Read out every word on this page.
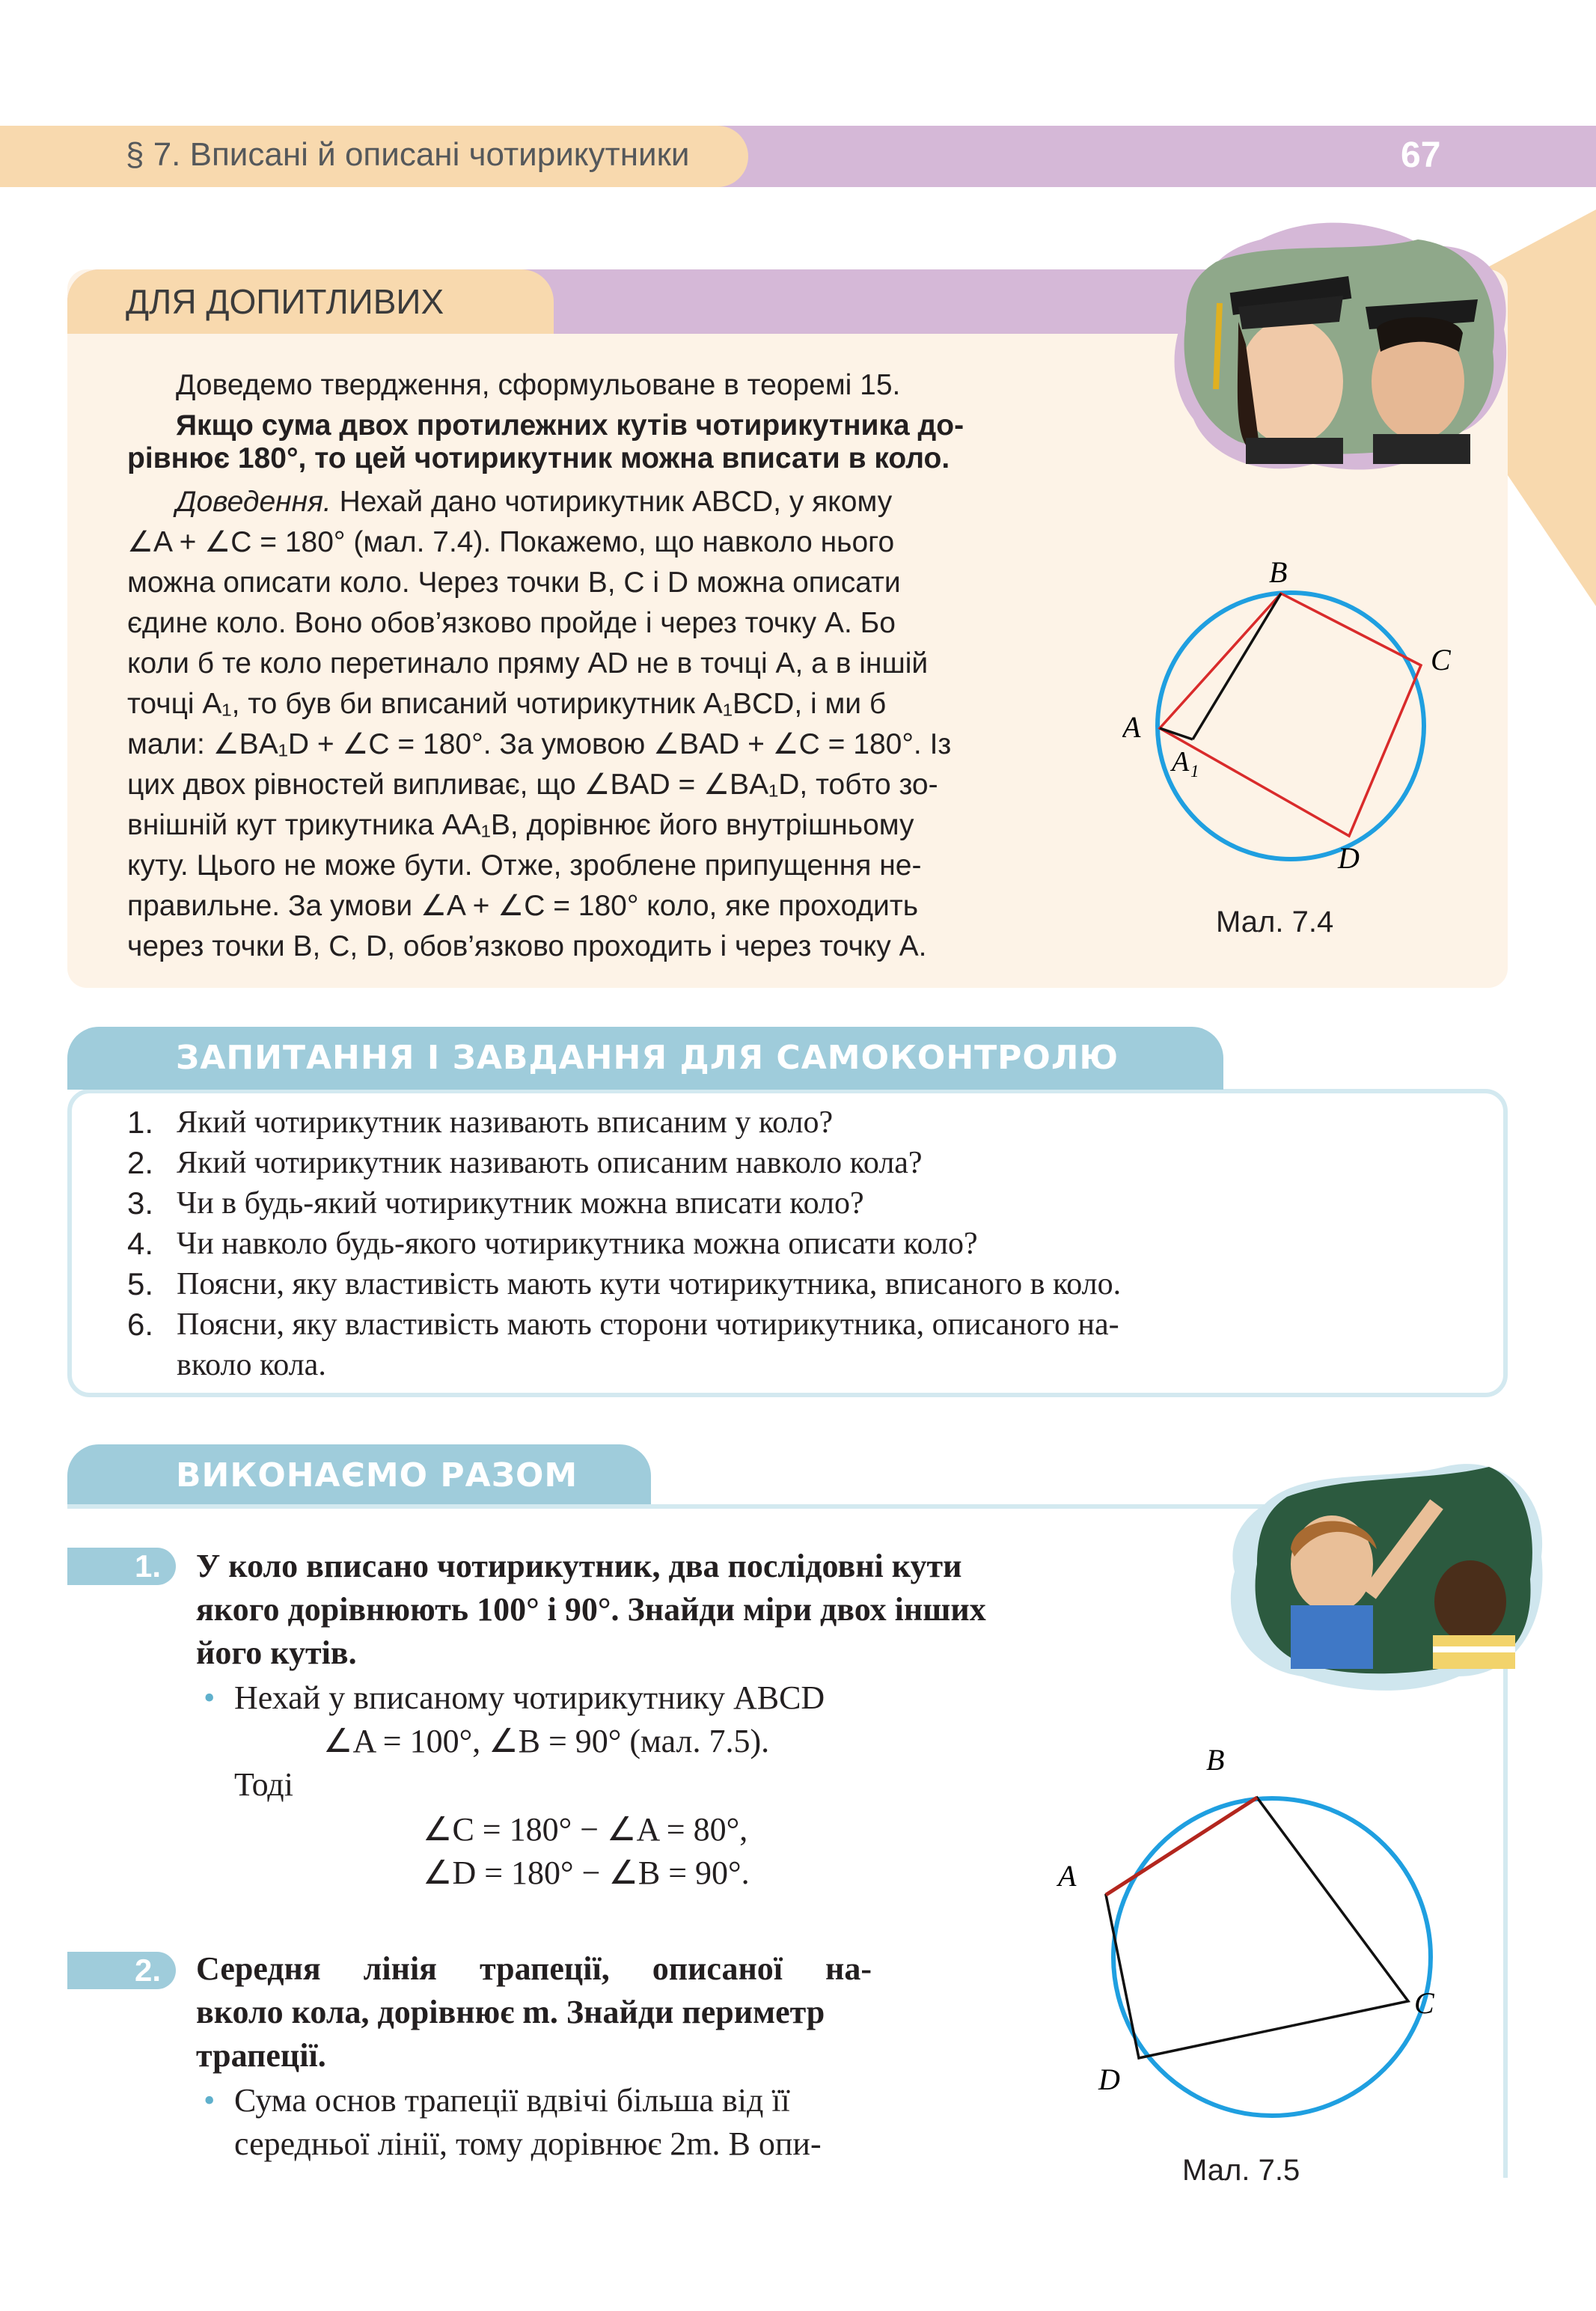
§ 7. Вписані й описані чотирикутники	67
ДЛЯ ДОПИТЛИВИХ
Доведемо твердження, сформульоване в теоремі 15.
Якщо сума двох протилежних кутів чотирикутника до-
рівнює 180°, то цей чотирикутник можна вписати в коло.
Доведення. Нехай дано чотирикутник ABCD, у якому
∠A + ∠C = 180° (мал. 7.4). Покажемо, що навколо нього
можна описати коло. Через точки B, C і D можна описати
єдине коло. Воно обов’язково пройде і через точку A. Бо
коли б те коло перетинало пряму AD не в точці A, а в іншій
точці A₁, то був би вписаний чотирикутник A₁BCD, і ми б
мали: ∠BA₁D + ∠C = 180°. За умовою ∠BAD + ∠C = 180°. Із
цих двох рівностей випливає, що ∠BAD = ∠BA₁D, тобто зо-
внішній кут трикутника AA₁B, дорівнює його внутрішньому
куту. Цього не може бути. Отже, зроблене припущення не-
правильне. За умови ∠A + ∠C = 180° коло, яке проходить
через точки B, C, D, обов’язково проходить і через точку A.
B
C
A
A₁
D
Мал. 7.4
ЗАПИТАННЯ І ЗАВДАННЯ ДЛЯ САМОКОНТРОЛЮ
1. Який чотирикутник називають вписаним у коло?
2. Який чотирикутник називають описаним навколо кола?
3. Чи в будь-який чотирикутник можна вписати коло?
4. Чи навколо будь-якого чотирикутника можна описати коло?
5. Поясни, яку властивість мають кути чотирикутника, вписаного в коло.
6. Поясни, яку властивість мають сторони чотирикутника, описаного на-
вколо кола.
ВИКОНАЄМО РАЗОМ
1.	У коло вписано чотирикутник, два послідовні кути
якого дорівнюють 100° і 90°. Знайди міри двох інших
його кутів.
• Нехай у вписаному чотирикутнику ABCD
∠A = 100°, ∠B = 90° (мал. 7.5).
Тоді
∠C = 180° − ∠A = 80°,
∠D = 180° − ∠B = 90°.
2.	Середня лінія трапеції, описаної на-
вколо кола, дорівнює m. Знайди периметр
трапеції.
• Сума основ трапеції вдвічі більша від її
середньої лінії, тому дорівнює 2m. В опи-
B
A
C
D
Мал. 7.5
